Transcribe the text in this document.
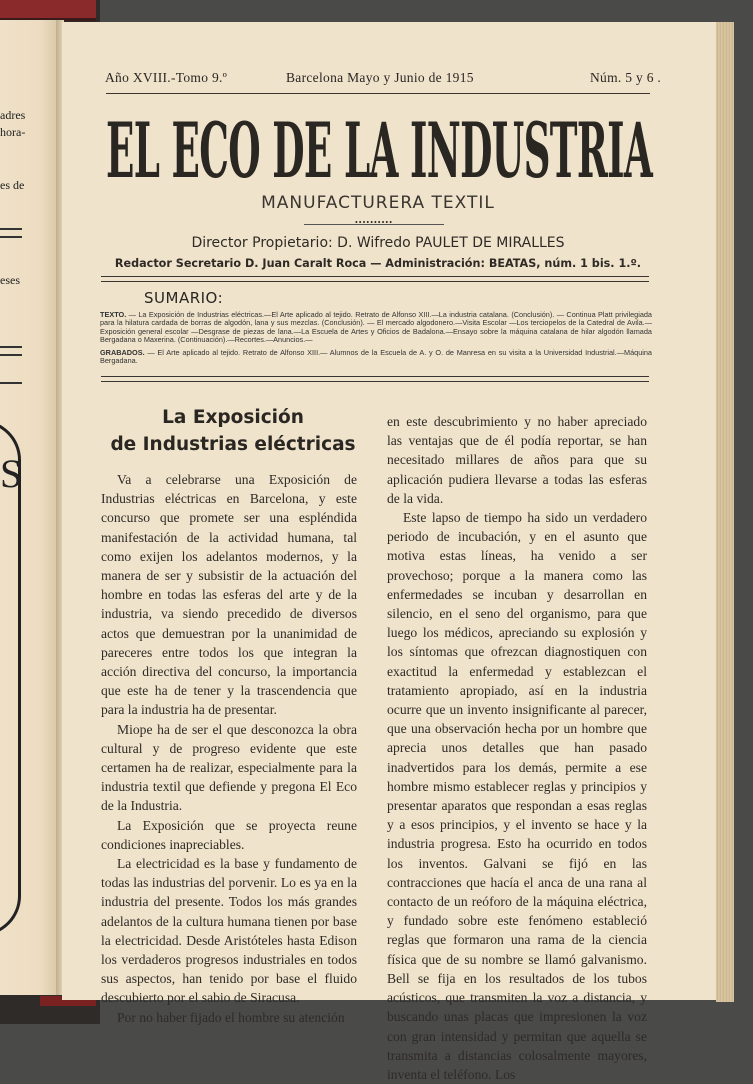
adres
hora-
es de
eses
S
Año XVIII.-Tomo 9.º	Barcelona Mayo y Junio de 1915	Núm. 5 y 6 .
EL ECO DE LA INDUSTRIA
MANUFACTURERA TEXTIL
••••••••••
Director Propietario: D. Wifredo PAULET DE MIRALLES
Redactor Secretario D. Juan Caralt Roca — Administración: BEATAS, núm. 1 bis. 1.º.
SUMARIO:
TEXTO. — La Exposición de Industrias eléctricas.—El Arte aplicado al tejido. Retrato de Alfonso XIII.—La industria catalana. (Conclusión). — Continua Platt privilegiada para la hilatura cardada de borras de algodón, lana y sus mezclas. (Conclusión). — El mercado algodonero.—Visita Escolar —Los terciopelos de la Catedral de Avila.—Exposición general escolar —Desgrase de piezas de lana.—La Escuela de Artes y Oficios de Badalona.—Ensayo sobre la máquina catalana de hilar algodón llamada Bergadana o Maxerina. (Continuación).—Recortes.—Anuncios.—
GRABADOS. — El Arte aplicado al tejido. Retrato de Alfonso XIII.— Alumnos de la Escuela de A. y O. de Manresa en su visita a la Universidad Industrial.—Máquina Bergadana.
La Exposición
de Industrias eléctricas

Va a celebrarse una Exposición de Industrias eléctricas en Barcelona, y este concurso que promete ser una espléndida manifestación de la actividad humana, tal como exijen los adelantos modernos, y la manera de ser y subsistir de la actuación del hombre en todas las esferas del arte y de la industria, va siendo precedido de diversos actos que demuestran por la unanimidad de pareceres entre todos los que integran la acción directiva del concurso, la importancia que este ha de tener y la trascendencia que para la industria ha de presentar.

Miope ha de ser el que desconozca la obra cultural y de progreso evidente que este certamen ha de realizar, especialmente para la industria textil que defiende y pregona El Eco de la Industria.

La Exposición que se proyecta reune condiciones inapreciables.

La electricidad es la base y fundamento de todas las industrias del porvenir. Lo es ya en la industria del presente. Todos los más grandes adelantos de la cultura humana tienen por base la electricidad. Desde Aristóteles hasta Edison los verdaderos progresos industriales en todos sus aspectos, han tenido por base el fluido descubierto por el sabio de Siracusa.

Por no haber fijado el hombre su atención

en este descubrimiento y no haber apreciado las ventajas que de él podía reportar, se han necesitado millares de años para que su aplicación pudiera llevarse a todas las esferas de la vida.

Este lapso de tiempo ha sido un verdadero periodo de incubación, y en el asunto que motiva estas líneas, ha venido a ser provechoso; porque a la manera como las enfermedades se incuban y desarrollan en silencio, en el seno del organismo, para que luego los médicos, apreciando su explosión y los síntomas que ofrezcan diagnostiquen con exactitud la enfermedad y establezcan el tratamiento apropiado, así en la industria ocurre que un invento insignificante al parecer, que una observación hecha por un hombre que aprecia unos detalles que han pasado inadvertidos para los demás, permite a ese hombre mismo establecer reglas y principios y presentar aparatos que respondan a esas reglas y a esos principios, y el invento se hace y la industria progresa. Esto ha ocurrido en todos los inventos. Galvani se fijó en las contracciones que hacía el anca de una rana al contacto de un reóforo de la máquina eléctrica, y fundado sobre este fenómeno estableció reglas que formaron una rama de la ciencia física que de su nombre se llamó galvanismo. Bell se fija en los resultados de los tubos acústicos, que transmiten la voz a distancia, y buscando unas placas que impresionen la voz con gran intensidad y permitan que aquella se transmita a distancias colosalmente mayores, inventa el teléfono. Los
